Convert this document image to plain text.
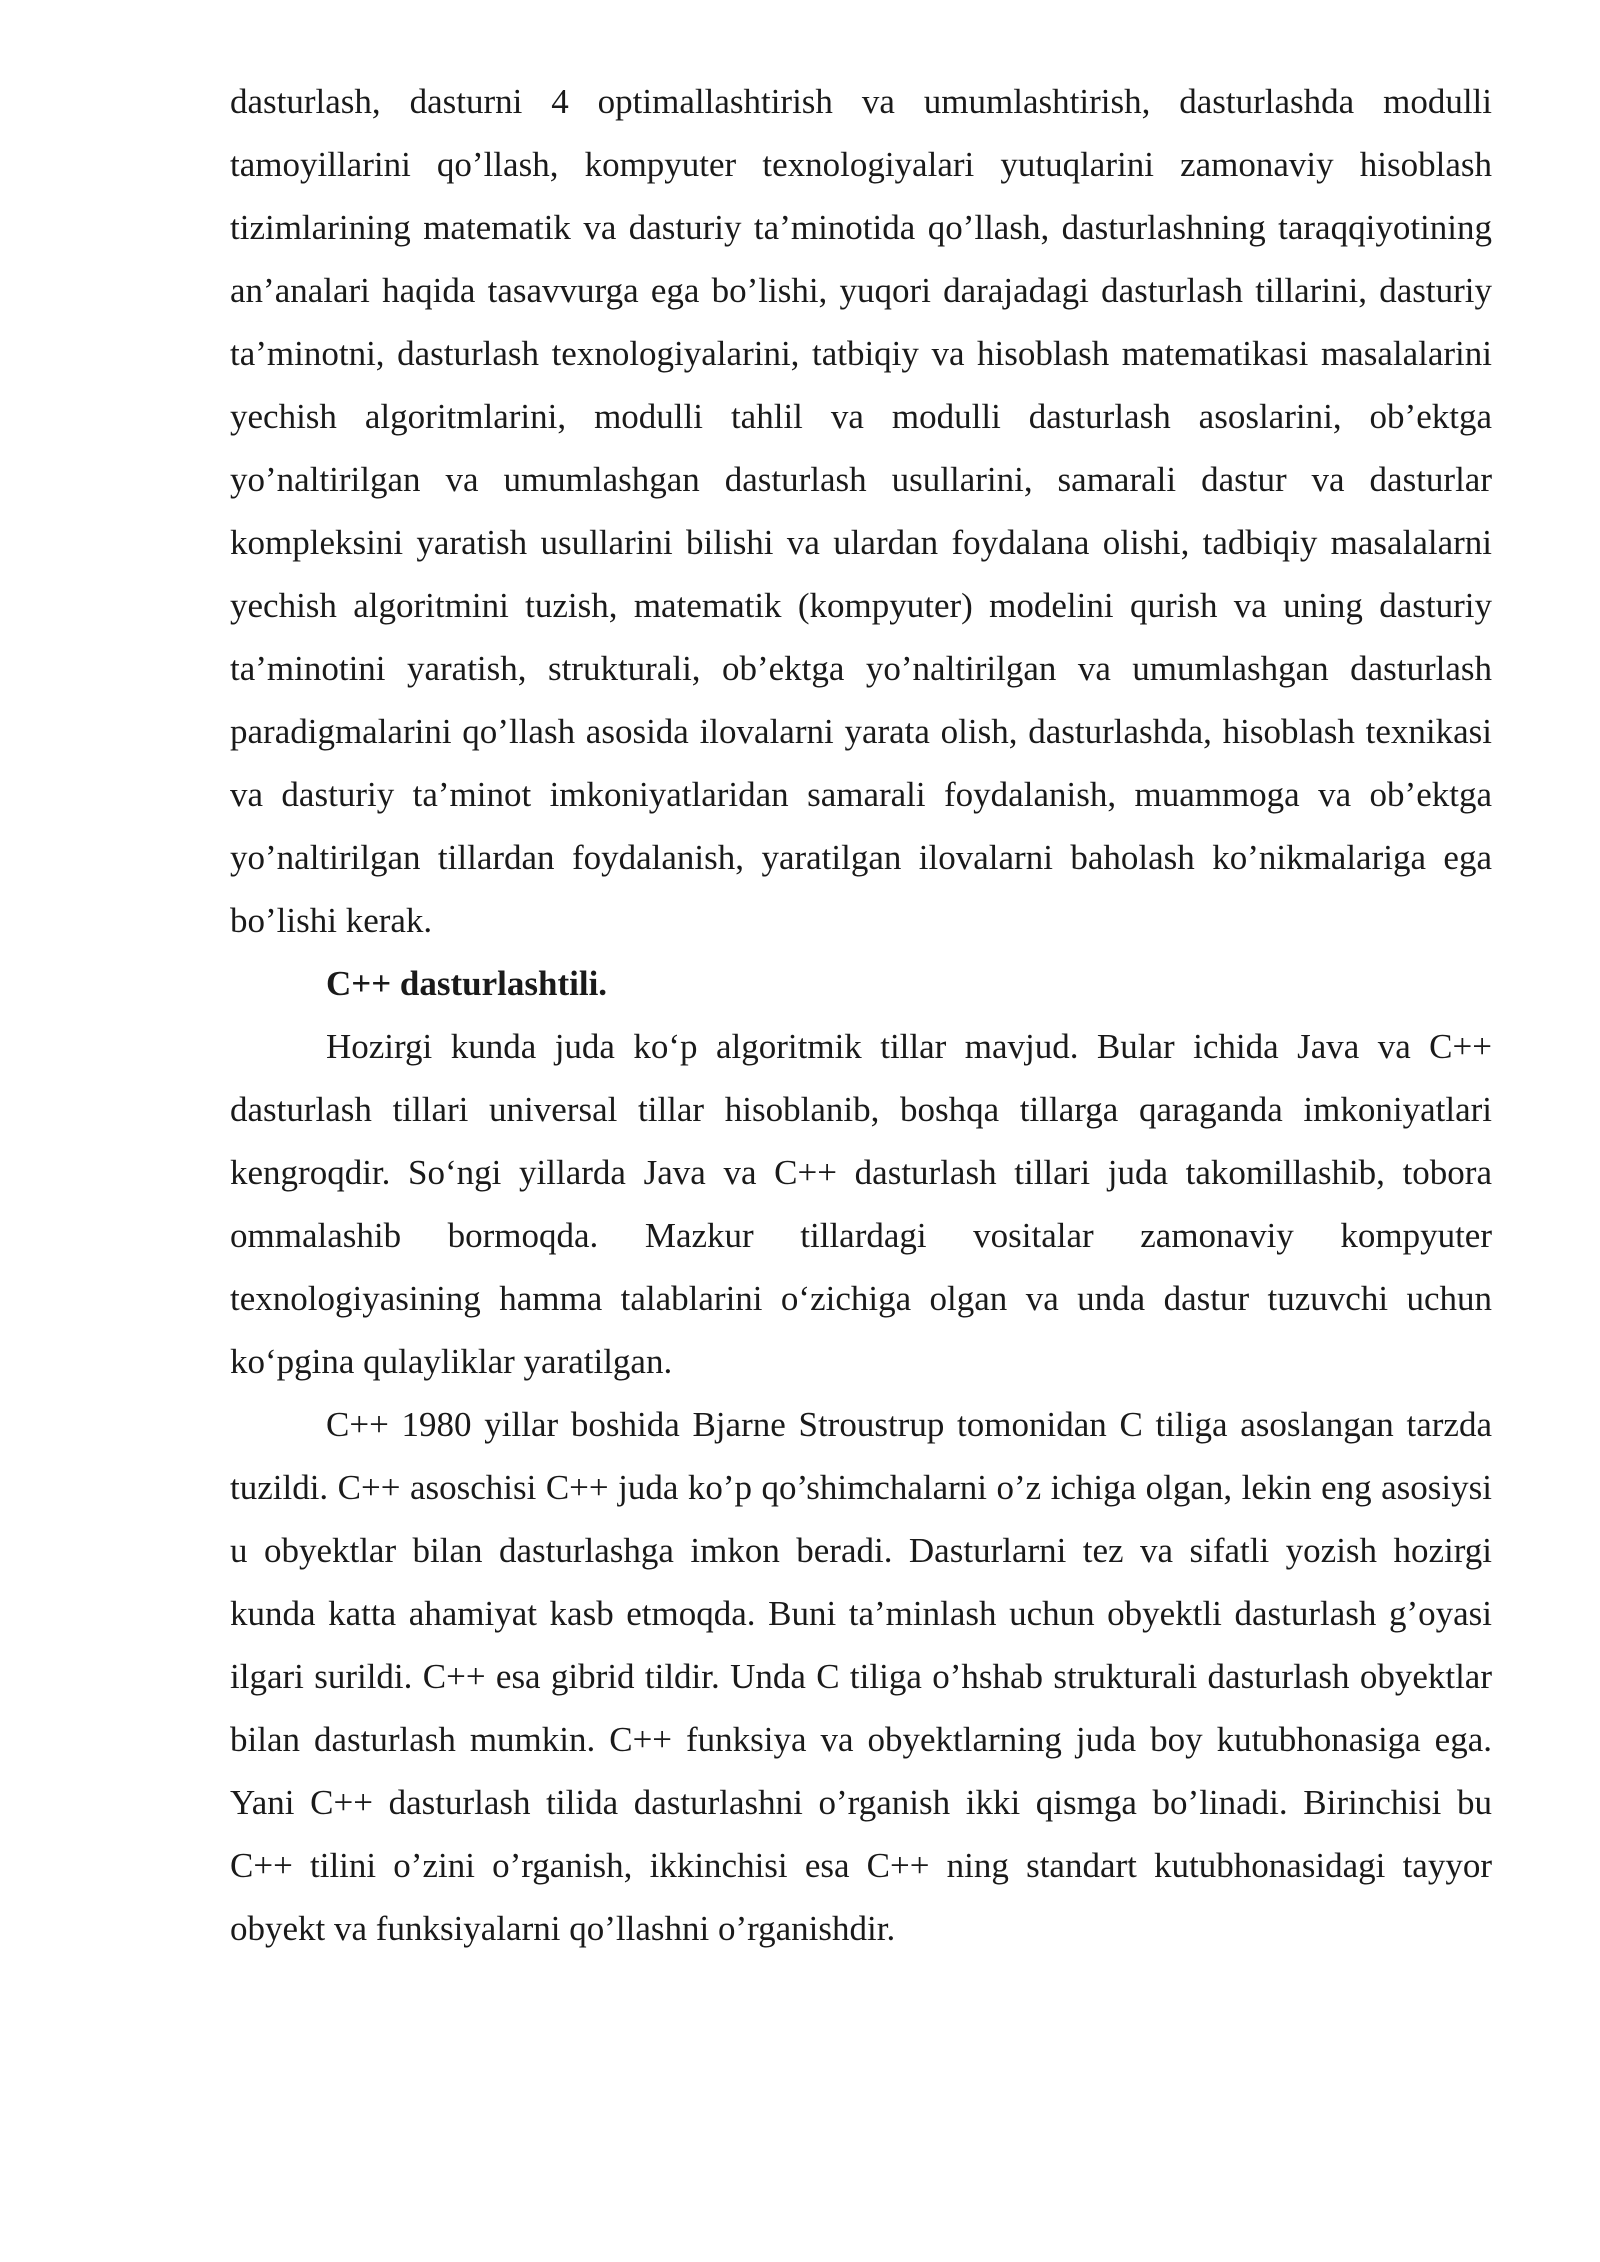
dasturlash, dasturni 4 optimallashtirish va umumlashtirish, dasturlashda modulli tamoyillarini qo’llash, kompyuter texnologiyalari yutuqlarini zamonaviy hisoblash tizimlarining matematik va dasturiy ta’minotida qo’llash, dasturlashning taraqqiyotining an’analari haqida tasavvurga ega bo’lishi, yuqori darajadagi dasturlash tillarini, dasturiy ta’minotni, dasturlash texnologiyalarini, tatbiqiy va hisoblash matematikasi masalalarini yechish algoritmlarini, modulli tahlil va modulli dasturlash asoslarini, ob’ektga yo’naltirilgan va umumlashgan dasturlash usullarini, samarali dastur va dasturlar kompleksini yaratish usullarini bilishi va ulardan foydalana olishi, tadbiqiy masalalarni yechish algoritmini tuzish, matematik (kompyuter) modelini qurish va uning dasturiy ta’minotini yaratish, strukturali, ob’ektga yo’naltirilgan va umumlashgan dasturlash paradigmalarini qo’llash asosida ilovalarni yarata olish, dasturlashda, hisoblash texnikasi va dasturiy ta’minot imkoniyatlaridan samarali foydalanish, muammoga va ob’ektga yo’naltirilgan tillardan foydalanish, yaratilgan ilovalarni baholash ko’nikmalariga ega bo’lishi kerak.

C++ dasturlashtili.

Hozirgi kunda juda ko‘p algoritmik tillar mavjud. Bular ichida Java va C++ dasturlash tillari universal tillar hisoblanib, boshqa tillarga qaraganda imkoniyatlari kengroqdir. So‘ngi yillarda Java va C++ dasturlash tillari juda takomillashib, tobora ommalashib bormoqda. Mazkur tillardagi vositalar zamonaviy kompyuter texnologiyasining hamma talablarini o‘zichiga olgan va unda dastur tuzuvchi uchun ko‘pgina qulayliklar yaratilgan.

C++ 1980 yillar boshida Bjarne Stroustrup tomonidan C tiliga asoslangan tarzda tuzildi. C++ asoschisi C++ juda ko’p qo’shimchalarni o’z ichiga olgan, lekin eng asosiysi u obyektlar bilan dasturlashga imkon beradi. Dasturlarni tez va sifatli yozish hozirgi kunda katta ahamiyat kasb etmoqda. Buni ta’minlash uchun obyektli dasturlash g’oyasi ilgari surildi. C++ esa gibrid tildir. Unda C tiliga o’hshab strukturali dasturlash obyektlar bilan dasturlash mumkin. C++ funksiya va obyektlarning juda boy kutubhonasiga ega. Yani C++ dasturlash tilida dasturlashni o’rganish ikki qismga bo’linadi. Birinchisi bu C++ tilini o’zini o’rganish, ikkinchisi esa C++ ning standart kutubhonasidagi tayyor obyekt va funksiyalarni qo’llashni o’rganishdir.
